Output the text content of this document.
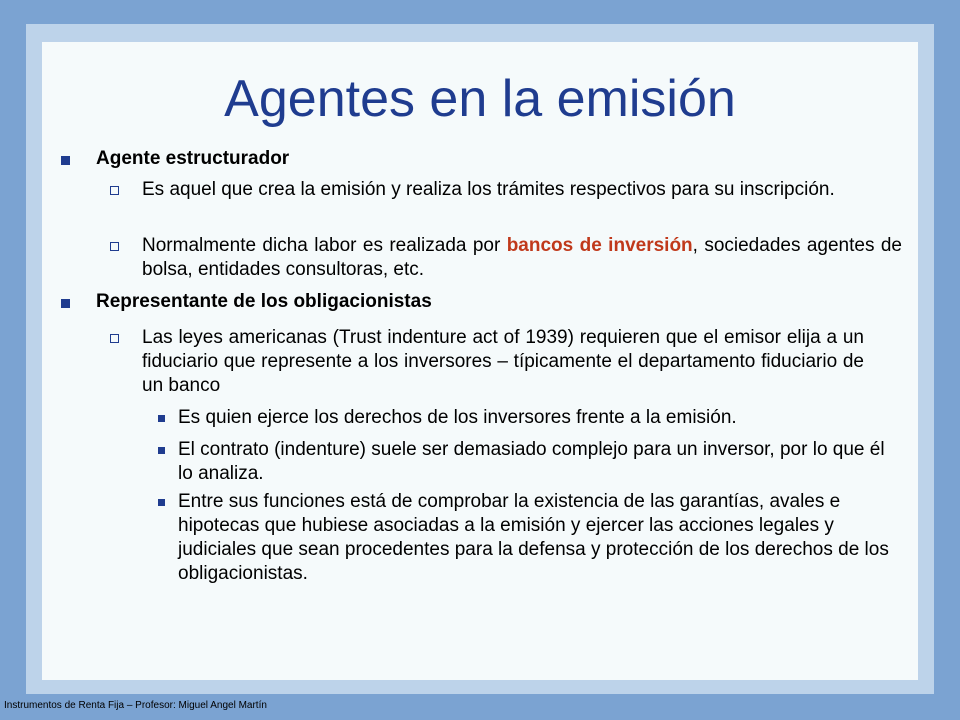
Agentes en la emisión
Agente estructurador
Es aquel que crea la emisión y realiza los trámites respectivos para su inscripción.
Normalmente dicha labor es realizada por bancos de inversión, sociedades agentes de bolsa, entidades consultoras, etc.
Representante de los obligacionistas
Las leyes americanas (Trust indenture act of 1939) requieren que el emisor elija a un fiduciario que represente a los inversores – típicamente el departamento fiduciario de un banco
Es quien ejerce los derechos de los inversores frente a la emisión.
El contrato (indenture) suele ser demasiado complejo para un inversor, por lo que él lo analiza.
Entre sus funciones está de comprobar la existencia de las garantías, avales e hipotecas que hubiese asociadas a la emisión y ejercer las acciones legales y judiciales que sean procedentes para la defensa y protección de los derechos de los obligacionistas.
Instrumentos de Renta Fija – Profesor: Miguel Angel Martín
